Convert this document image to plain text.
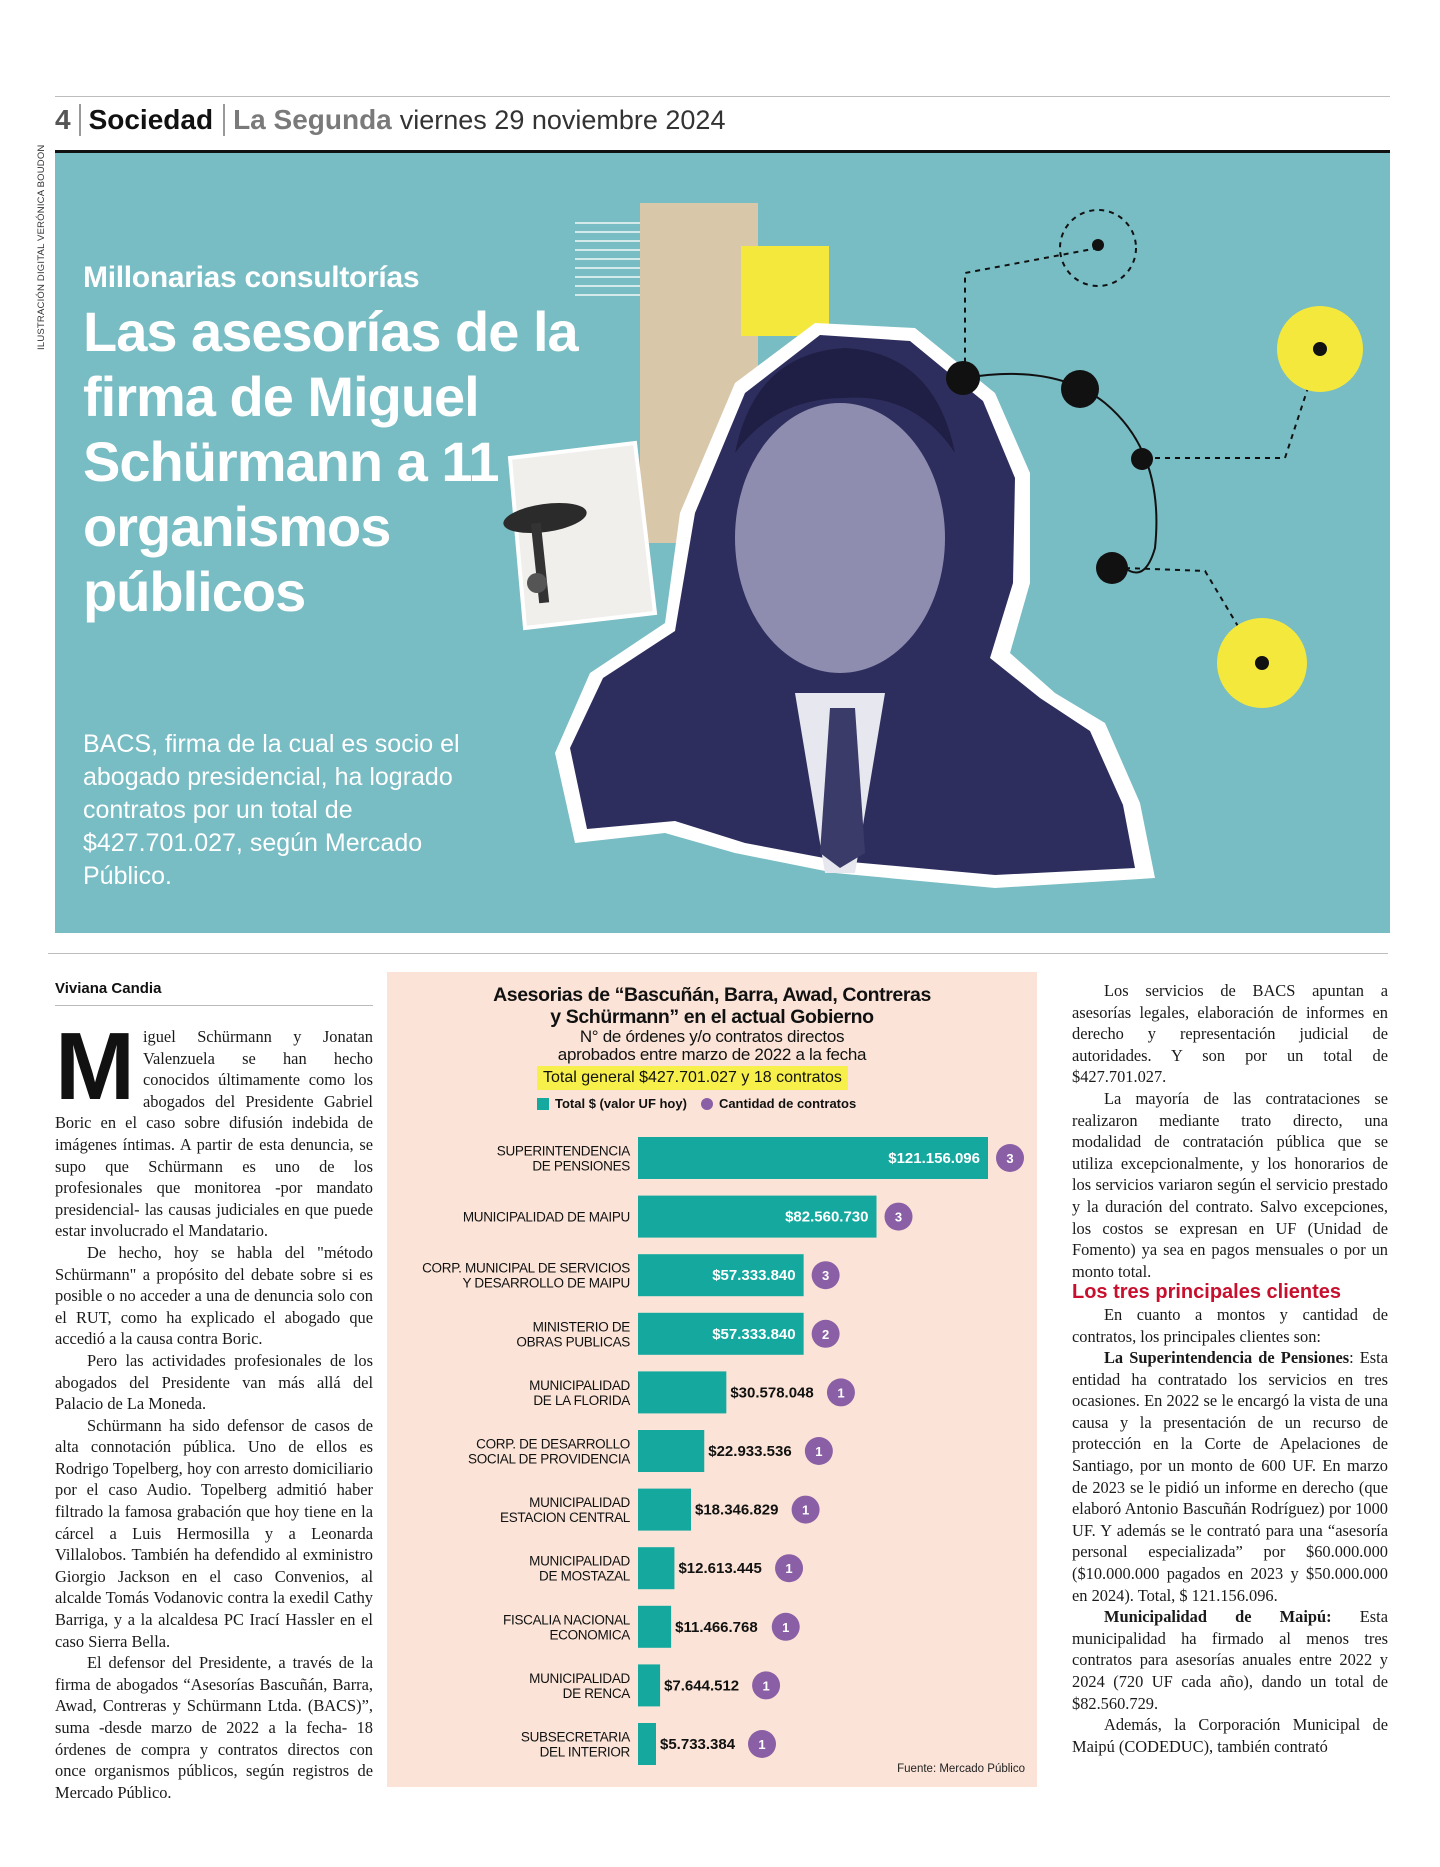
4 Sociedad La Segunda viernes 29 noviembre 2024
ILUSTRACIÓN DIGITAL VERÓNICA BOUDON Millonarias consultorías
Las asesorías de la firma de Miguel Schürmann a 11 organismos públicos

BACS, firma de la cual es socio el abogado presidencial, ha logrado contratos por un total de $427.701.027, según Mercado Público.

Viviana Candia

Miguel Schürmann y Jonatan Valenzuela se han hecho conocidos últimamente como los abogados del Presidente Gabriel Boric en el caso sobre difusión indebida de imágenes íntimas. A partir de esta denuncia, se supo que Schürmann es uno de los profesionales que monitorea -por mandato presidencial- las causas judiciales en que puede estar involucrado el Mandatario.

De hecho, hoy se habla del "método Schürmann" a propósito del debate sobre si es posible o no acceder a una de denuncia solo con el RUT, como ha explicado el abogado que accedió a la causa contra Boric.

Pero las actividades profesionales de los abogados del Presidente van más allá del Palacio de La Moneda.

Schürmann ha sido defensor de casos de alta connotación pública. Uno de ellos es Rodrigo Topelberg, hoy con arresto domiciliario por el caso Audio. Topelberg admitió haber filtrado la famosa grabación que hoy tiene en la cárcel a Luis Hermosilla y a Leonarda Villalobos. También ha defendido al exministro Giorgio Jackson en el caso Convenios, al alcalde Tomás Vodanovic contra la exedil Cathy Barriga, y a la alcaldesa PC Irací Hassler en el caso Sierra Bella.

El defensor del Presidente, a través de la firma de abogados “Asesorías Bascuñán, Barra, Awad, Contreras y Schürmann Ltda. (BACS)”, suma -desde marzo de 2022 a la fecha- 18 órdenes de compra y contratos directos con once organismos públicos, según registros de Mercado Público.

SUPERINTENDENCIA DE PENSIONES	$121.156.096 3
MUNICIPALIDAD DE MAIPU	$82.560.730 3
CORP. MUNICIPAL DE SERVICIOS Y DESARROLLO DE MAIPU	$57.333.840 3
MINISTERIO DE OBRAS PUBLICAS	$57.333.840 2
MUNICIPALIDAD DE LA FLORIDA	$30.578.048 1
CORP. DE DESARROLLO SOCIAL DE PROVIDENCIA	$22.933.536 1
MUNICIPALIDAD ESTACION CENTRAL	$18.346.829 1
MUNICIPALIDAD DE MOSTAZAL	$12.613.445 1
FISCALIA NACIONAL ECONOMICA	$11.466.768 1
MUNICIPALIDAD DE RENCA $7.644.512 1
SUBSECRETARIA DEL INTERIOR $5.733.384 1
Asesorias de “Bascuñán, Barra, Awad, Contreras
y Schürmann” en el actual Gobierno
N° de órdenes y/o contratos directos
aprobados entre marzo de 2022 a la fecha
Total general $427.701.027 y 18 contratos
Total $ (valor UF hoy) Cantidad de contratos
Fuente: Mercado Público

Los servicios de BACS apuntan a asesorías legales, elaboración de informes en derecho y representación judicial de autoridades. Y son por un total de $427.701.027.

La mayoría de las contrataciones se realizaron mediante trato directo, una modalidad de contratación pública que se utiliza excepcionalmente, y los honorarios de los servicios variaron según el servicio prestado y la duración del contrato. Salvo excepciones, los costos se expresan en UF (Unidad de Fomento) ya sea en pagos mensuales o por un monto total.

Los tres principales clientes

En cuanto a montos y cantidad de contratos, los principales clientes son:

La Superintendencia de Pensiones: Esta entidad ha contratado los servicios en tres ocasiones. En 2022 se le encargó la vista de una causa y la presentación de un recurso de protección en la Corte de Apelaciones de Santiago, por un monto de 600 UF. En marzo de 2023 se le pidió un informe en derecho (que elaboró Antonio Bascuñán Rodríguez) por 1000 UF. Y además se le contrató para una “asesoría personal especializada” por $60.000.000 ($10.000.000 pagados en 2023 y $50.000.000 en 2024). Total, $ 121.156.096.

Municipalidad de Maipú: Esta municipalidad ha firmado al menos tres contratos para asesorías anuales entre 2022 y 2024 (720 UF cada año), dando un total de $82.560.729.

Además, la Corporación Municipal de Maipú (CODEDUC), también contrató
